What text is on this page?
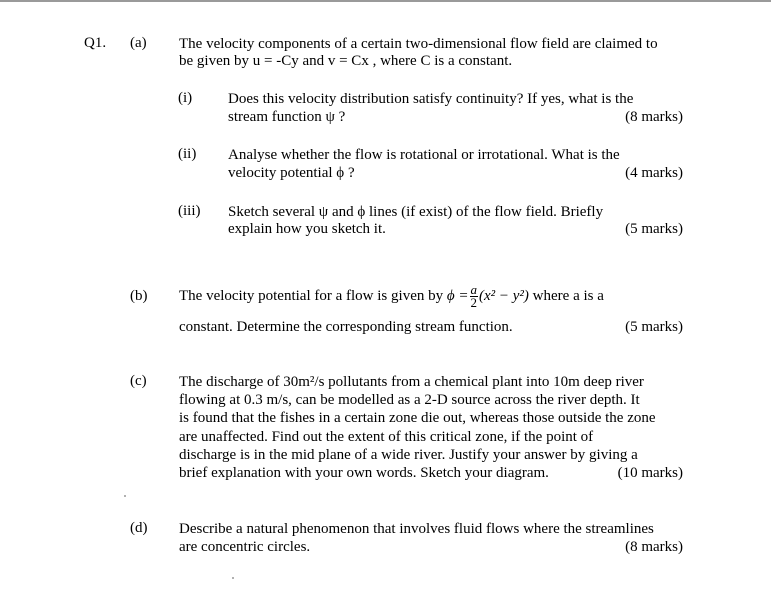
Q1. (a) The velocity components of a certain two-dimensional flow field are claimed to
be given by u = -Cy and v = Cx , where C is a constant.
(i) Does this velocity distribution satisfy continuity? If yes, what is the
stream function ψ ?	(8 marks)
(ii) Analyse whether the flow is rotational or irrotational. What is the
velocity potential ϕ ?	(4 marks)
(iii) Sketch several ψ and ϕ lines (if exist) of the flow field. Briefly
explain how you sketch it.	(5 marks)
(b) The velocity potential for a flow is given by $\phi = \frac{a}{2} (x^2 - y^2)$ where a is a
constant. Determine the corresponding stream function.	(5 marks)
(c) The discharge of 30m²/s pollutants from a chemical plant into 10m deep river
flowing at 0.3 m/s, can be modelled as a 2-D source across the river depth. It
is found that the fishes in a certain zone die out, whereas those outside the zone
are unaffected. Find out the extent of this critical zone, if the point of
discharge is in the mid plane of a wide river. Justify your answer by giving a
brief explanation with your own words. Sketch your diagram.	(10 marks)
(d) Describe a natural phenomenon that involves fluid flows where the streamlines
are concentric circles.	(8 marks)
